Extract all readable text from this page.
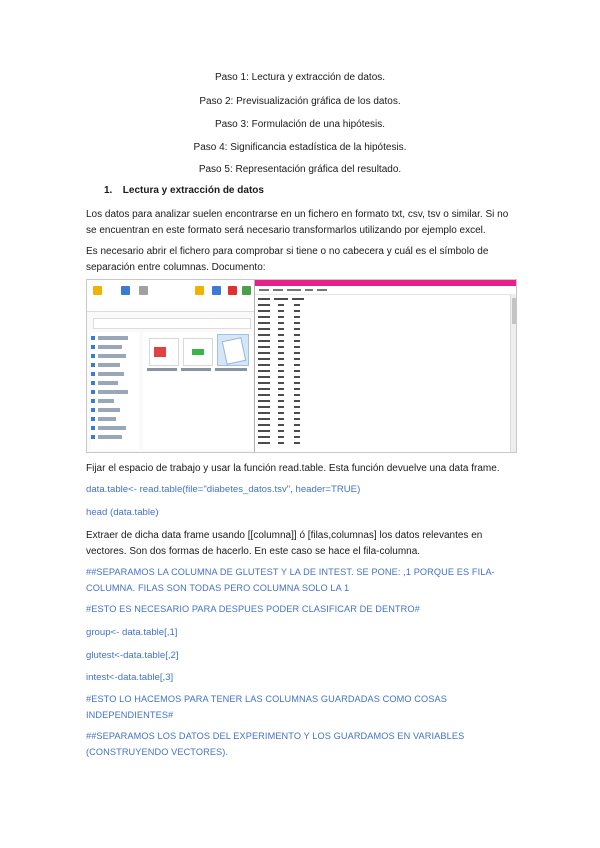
Paso 1: Lectura y extracción de datos.
Paso 2: Previsualización gráfica de los datos.
Paso 3: Formulación de una hipótesis.
Paso 4: Significancia estadística de la hipótesis.
Paso 5: Representación gráfica del resultado.
1. Lectura y extracción de datos
Los datos para analizar suelen encontrarse en un fichero en formato txt, csv, tsv o similar. Si no se encuentran en este formato será necesario transformarlos utilizando por ejemplo excel.
Es necesario abrir el fichero para comprobar si tiene o no cabecera y cuál es el símbolo de separación entre columnas. Documento:
Fijar el espacio de trabajo y usar la función read.table. Esta función devuelve una data frame.
data.table<- read.table(file="diabetes_datos.tsv", header=TRUE)
head (data.table)
Extraer de dicha data frame usando [[columna]] ó [filas,columnas] los datos relevantes en vectores. Son dos formas de hacerlo. En este caso se hace el fila-columna.
##SEPARAMOS LA COLUMNA DE GLUTEST Y LA DE INTEST. SE PONE: ,1 PORQUE ES FILA-COLUMNA. FILAS SON TODAS PERO COLUMNA SOLO LA 1
#ESTO ES NECESARIO PARA DESPUES PODER CLASIFICAR DE DENTRO#
group<- data.table[,1]
glutest<-data.table[,2]
intest<-data.table[,3]
#ESTO LO HACEMOS PARA TENER LAS COLUMNAS GUARDADAS COMO COSAS INDEPENDIENTES#
##SEPARAMOS LOS DATOS DEL EXPERIMENTO Y LOS GUARDAMOS EN VARIABLES (CONSTRUYENDO VECTORES).
